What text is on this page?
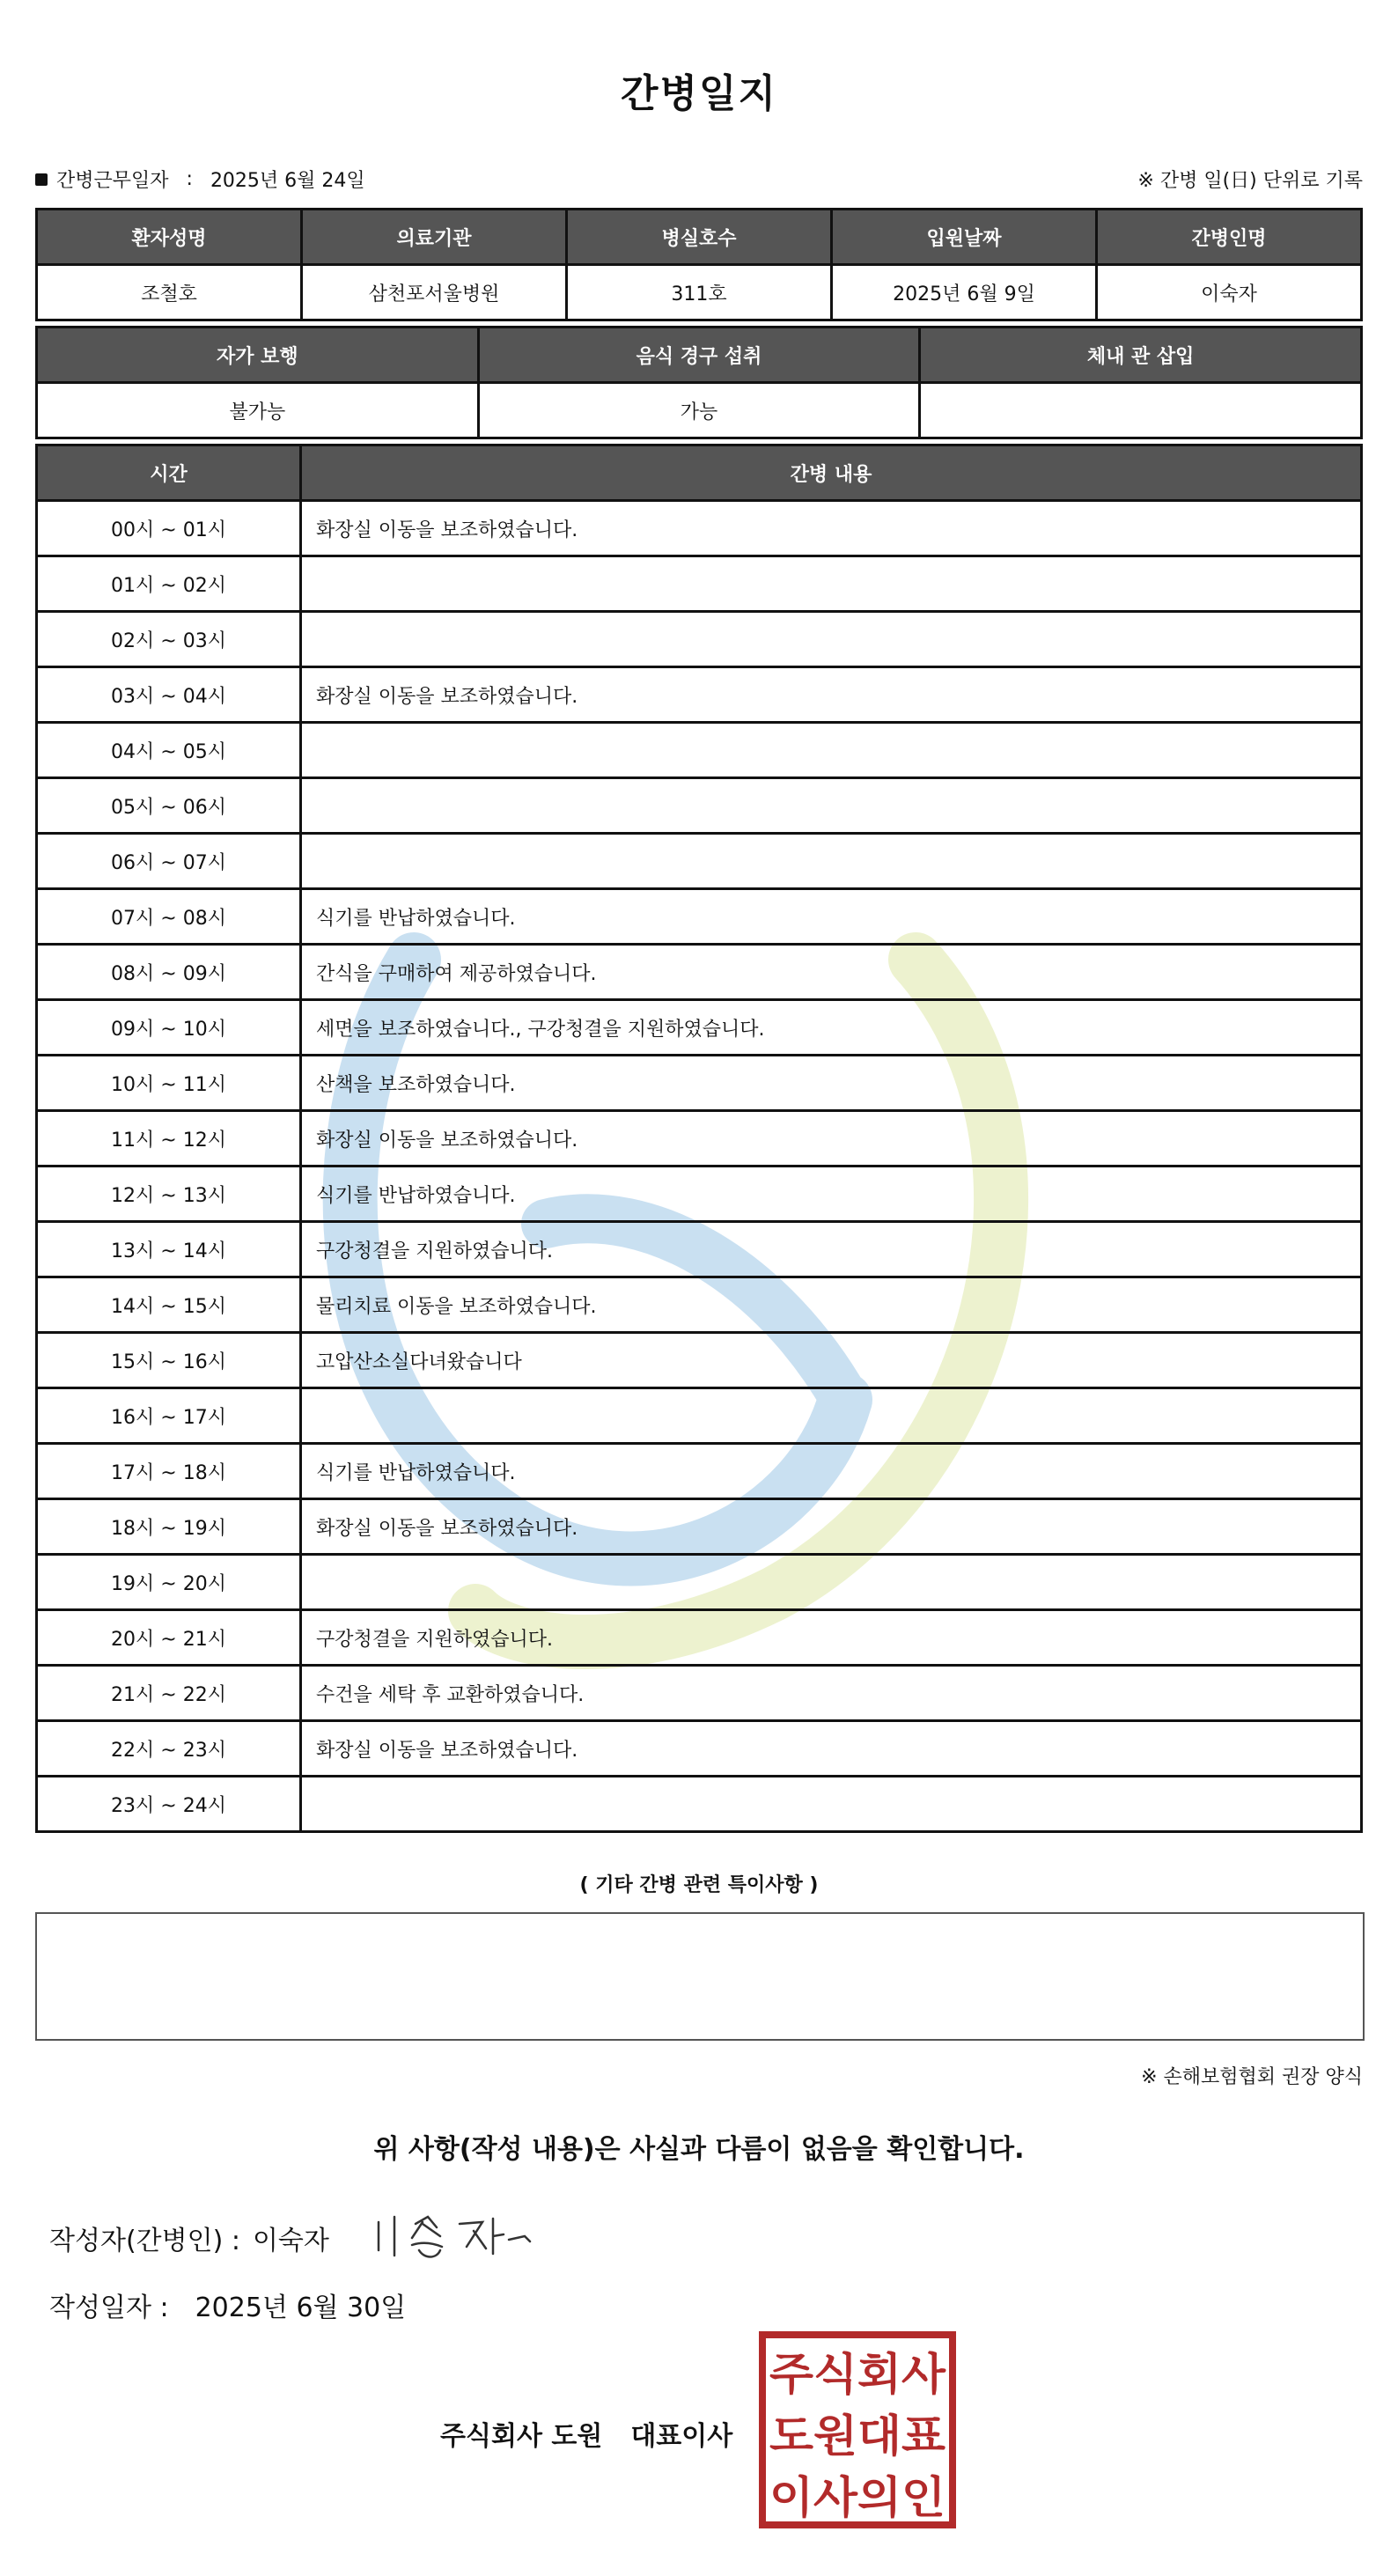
간병일지
간병근무일자 : 2025년 6월 24일	※ 간병 일(日) 단위로 기록
환자성명	의료기관	병실호수	입원날짜	간병인명
조철호	삼천포서울병원	311호	2025년 6월 9일	이숙자
자가 보행	음식 경구 섭취	체내 관 삽입
불가능	가능	
시간	간병 내용
00시 ~ 01시	화장실 이동을 보조하였습니다.
01시 ~ 02시	
02시 ~ 03시	
03시 ~ 04시	화장실 이동을 보조하였습니다.
04시 ~ 05시	
05시 ~ 06시	
06시 ~ 07시	
07시 ~ 08시	식기를 반납하였습니다.
08시 ~ 09시	간식을 구매하여 제공하였습니다.
09시 ~ 10시	세면을 보조하였습니다., 구강청결을 지원하였습니다.
10시 ~ 11시	산책을 보조하였습니다.
11시 ~ 12시	화장실 이동을 보조하였습니다.
12시 ~ 13시	식기를 반납하였습니다.
13시 ~ 14시	구강청결을 지원하였습니다.
14시 ~ 15시	물리치료 이동을 보조하였습니다.
15시 ~ 16시	고압산소실다녀왔습니다
16시 ~ 17시	
17시 ~ 18시	식기를 반납하였습니다.
18시 ~ 19시	화장실 이동을 보조하였습니다.
19시 ~ 20시	
20시 ~ 21시	구강청결을 지원하였습니다.
21시 ~ 22시	수건을 세탁 후 교환하였습니다.
22시 ~ 23시	화장실 이동을 보조하였습니다.
23시 ~ 24시	
( 기타 간병 관련 특이사항 )
※ 손해보험협회 권장 양식
위 사항(작성 내용)은 사실과 다름이 없음을 확인합니다.
작성자(간병인) : 이숙자
작성일자 : 2025년 6월 30일
주식회사 도원 대표이사
주식회사
도원대표
이사의인
